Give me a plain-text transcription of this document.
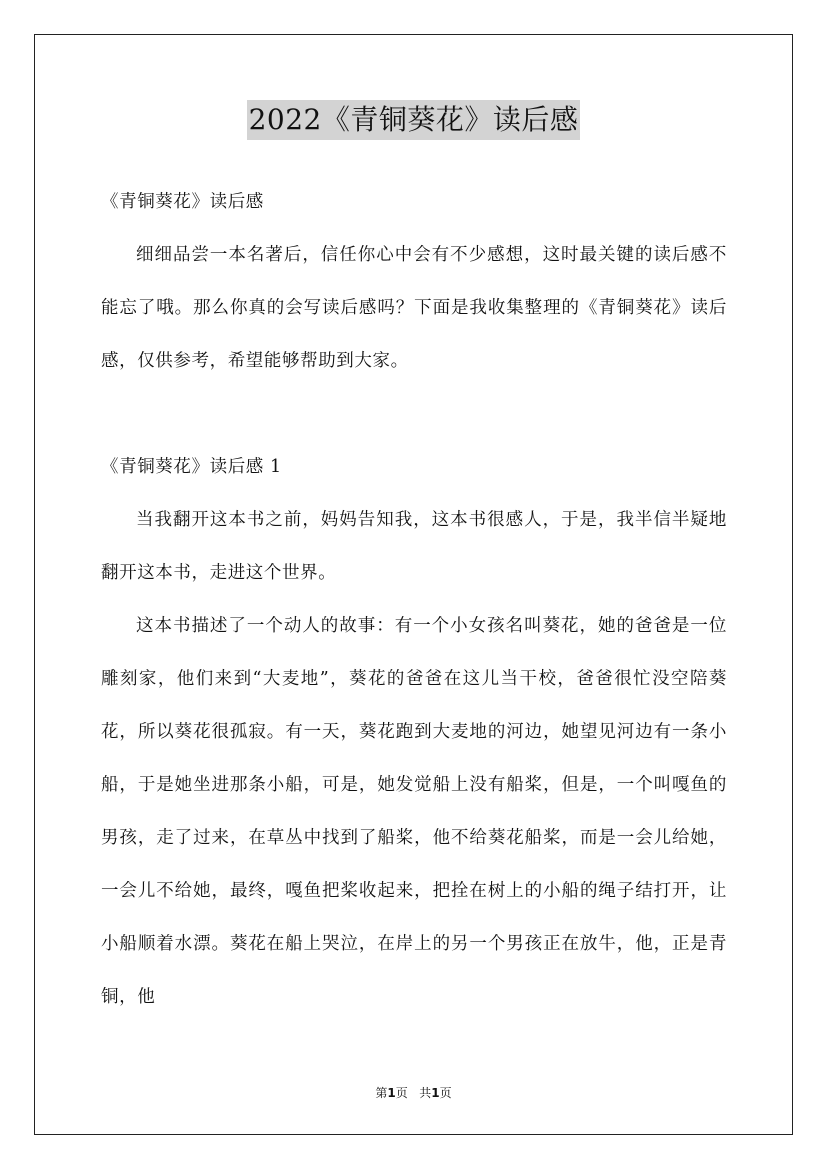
2022《青铜葵花》读后感

《青铜葵花》读后感

细细品尝一本名著后，信任你心中会有不少感想，这时最关键的读后感不能忘了哦。那么你真的会写读后感吗？下面是我收集整理的《青铜葵花》读后感，仅供参考，希望能够帮助到大家。

《青铜葵花》读后感 1

当我翻开这本书之前，妈妈告知我，这本书很感人，于是，我半信半疑地翻开这本书，走进这个世界。

这本书描述了一个动人的故事：有一个小女孩名叫葵花，她的爸爸是一位雕刻家，他们来到“大麦地”，葵花的爸爸在这儿当干校，爸爸很忙没空陪葵花，所以葵花很孤寂。有一天，葵花跑到大麦地的河边，她望见河边有一条小船，于是她坐进那条小船，可是，她发觉船上没有船桨，但是，一个叫嘎鱼的男孩，走了过来，在草丛中找到了船桨，他不给葵花船桨，而是一会儿给她，一会儿不给她，最终，嘎鱼把桨收起来，把拴在树上的小船的绳子结打开，让小船顺着水漂。葵花在船上哭泣，在岸上的另一个男孩正在放牛，他，正是青铜，他

第1页   共1页
